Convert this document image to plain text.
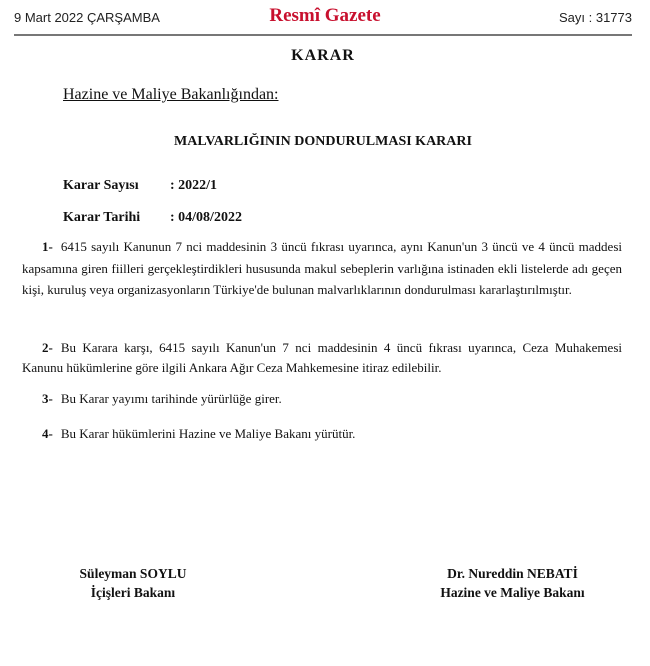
9 Mart 2022 ÇARŞAMBA	Resmî Gazete	Sayı : 31773
KARAR
Hazine ve Maliye Bakanlığından:
MALVARLIĞININ DONDURULMASI KARARI
Karar Sayısı : 2022/1
Karar Tarihi : 04/08/2022
1- 6415 sayılı Kanunun 7 nci maddesinin 3 üncü fıkrası uyarınca, aynı Kanun'un 3 üncü ve 4 üncü maddesi kapsamına giren fiilleri gerçekleştirdikleri hususunda makul sebeplerin varlığına istinaden ekli listelerde adı geçen kişi, kuruluş veya organizasyonların Türkiye'de bulunan malvarlıklarının dondurulması kararlaştırılmıştır.
2- Bu Karara karşı, 6415 sayılı Kanun'un 7 nci maddesinin 4 üncü fıkrası uyarınca, Ceza Muhakemesi Kanunu hükümlerine göre ilgili Ankara Ağır Ceza Mahkemesine itiraz edilebilir.
3- Bu Karar yayımı tarihinde yürürlüğe girer.
4- Bu Karar hükümlerini Hazine ve Maliye Bakanı yürütür.
Süleyman SOYLU
İçişleri Bakanı
Dr. Nureddin NEBATİ
Hazine ve Maliye Bakanı
